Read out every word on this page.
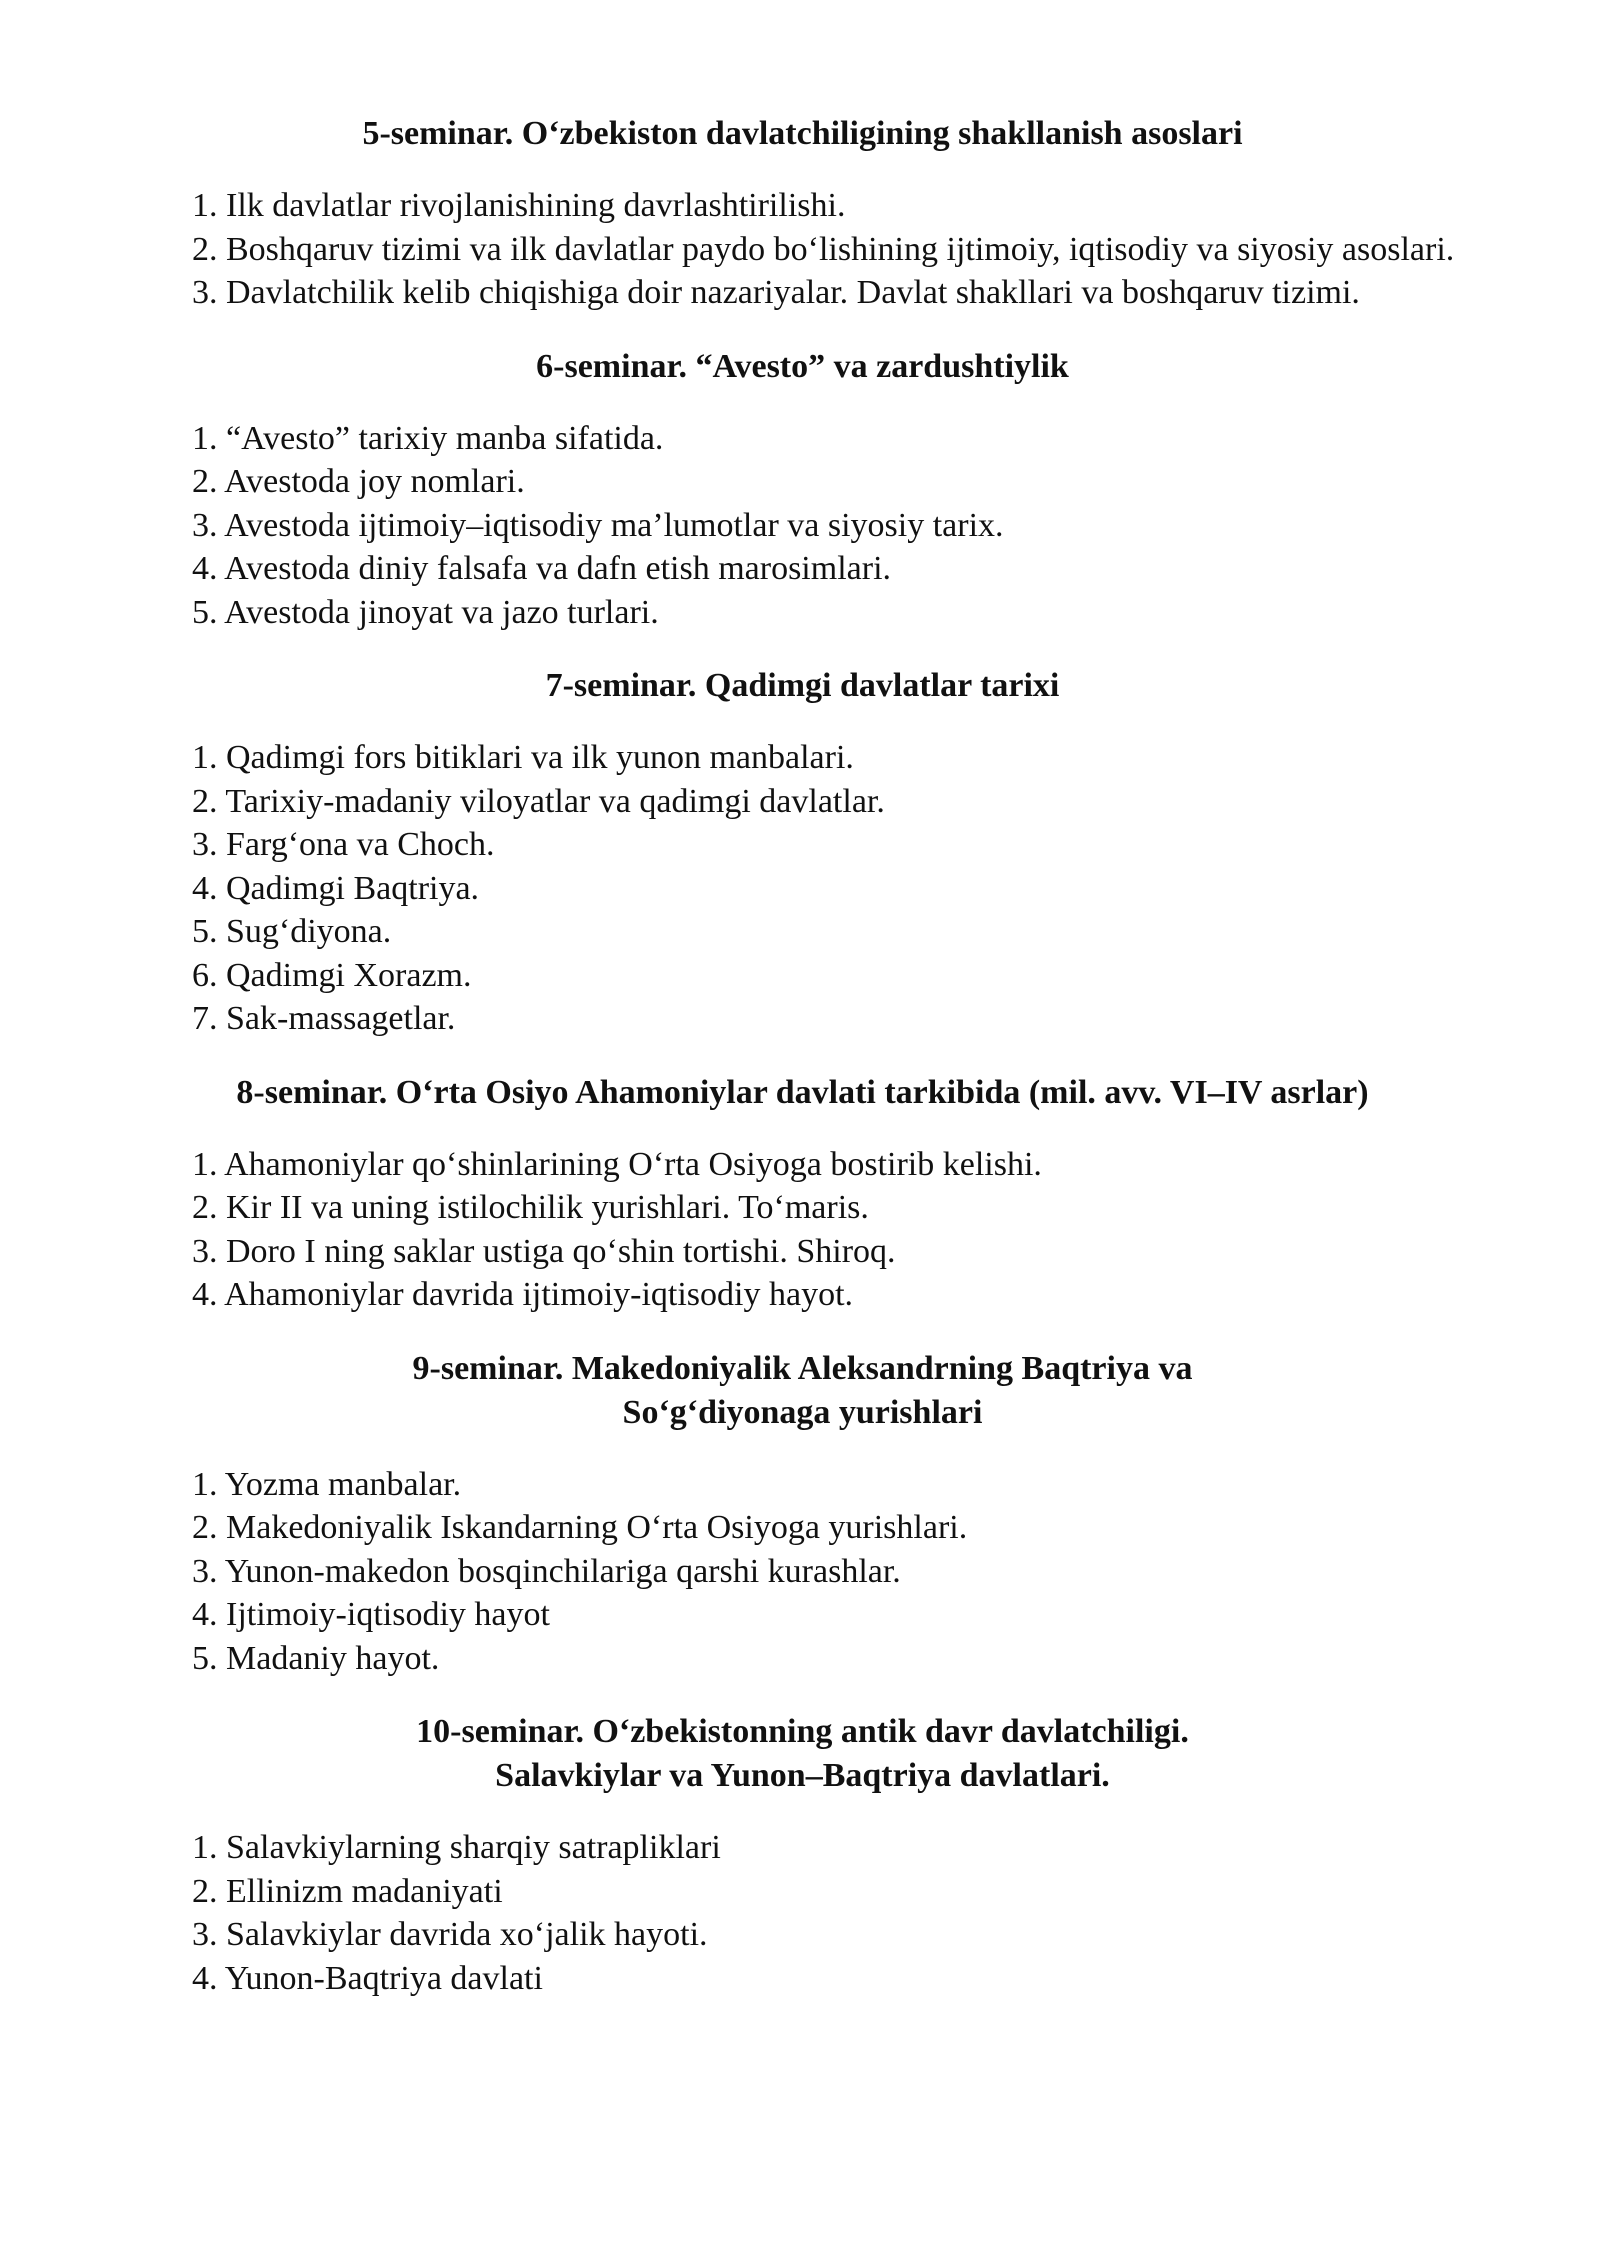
5-seminar. O‘zbekiston davlatchiligining shakllanish asoslari
1. Ilk davlatlar rivojlanishining davrlashtirilishi.
2. Boshqaruv tizimi va ilk davlatlar paydo bo‘lishining ijtimoiy, iqtisodiy va siyosiy asoslari.
3. Davlatchilik kelib chiqishiga doir nazariyalar. Davlat shakllari va boshqaruv tizimi.
6-seminar. “Avesto” va zardushtiylik
1. “Avesto” tarixiy manba sifatida.
2. Avestoda joy nomlari.
3. Avestoda ijtimoiy–iqtisodiy ma’lumotlar va siyosiy tarix.
4. Avestoda diniy falsafa va dafn etish marosimlari.
5. Avestoda jinoyat va jazo turlari.
7-seminar. Qadimgi davlatlar tarixi
1. Qadimgi fors bitiklari va ilk yunon manbalari.
2. Tarixiy-madaniy viloyatlar va qadimgi davlatlar.
3. Farg‘ona va Choch.
4. Qadimgi Baqtriya.
5. Sug‘diyona.
6. Qadimgi Xorazm.
7. Sak-massagetlar.
8-seminar. O‘rta Osiyo Ahamoniylar davlati tarkibida (mil. avv. VI–IV asrlar)
1. Ahamoniylar qo‘shinlarining O‘rta Osiyoga bostirib kelishi.
2. Kir II va uning istilochilik yurishlari. To‘maris.
3. Doro I ning saklar ustiga qo‘shin tortishi. Shiroq.
4. Ahamoniylar davrida ijtimoiy-iqtisodiy hayot.
9-seminar. Makedoniyalik Aleksandrning Baqtriya va
So‘g‘diyonaga yurishlari
1. Yozma manbalar.
2. Makedoniyalik Iskandarning O‘rta Osiyoga yurishlari.
3. Yunon-makedon bosqinchilariga qarshi kurashlar.
4. Ijtimoiy-iqtisodiy hayot
5. Madaniy hayot.
10-seminar. O‘zbekistonning antik davr davlatchiligi.
Salavkiylar va Yunon–Baqtriya davlatlari.
1. Salavkiylarning sharqiy satrapliklari
2. Ellinizm madaniyati
3. Salavkiylar davrida xo‘jalik hayoti.
4. Yunon-Baqtriya davlati
